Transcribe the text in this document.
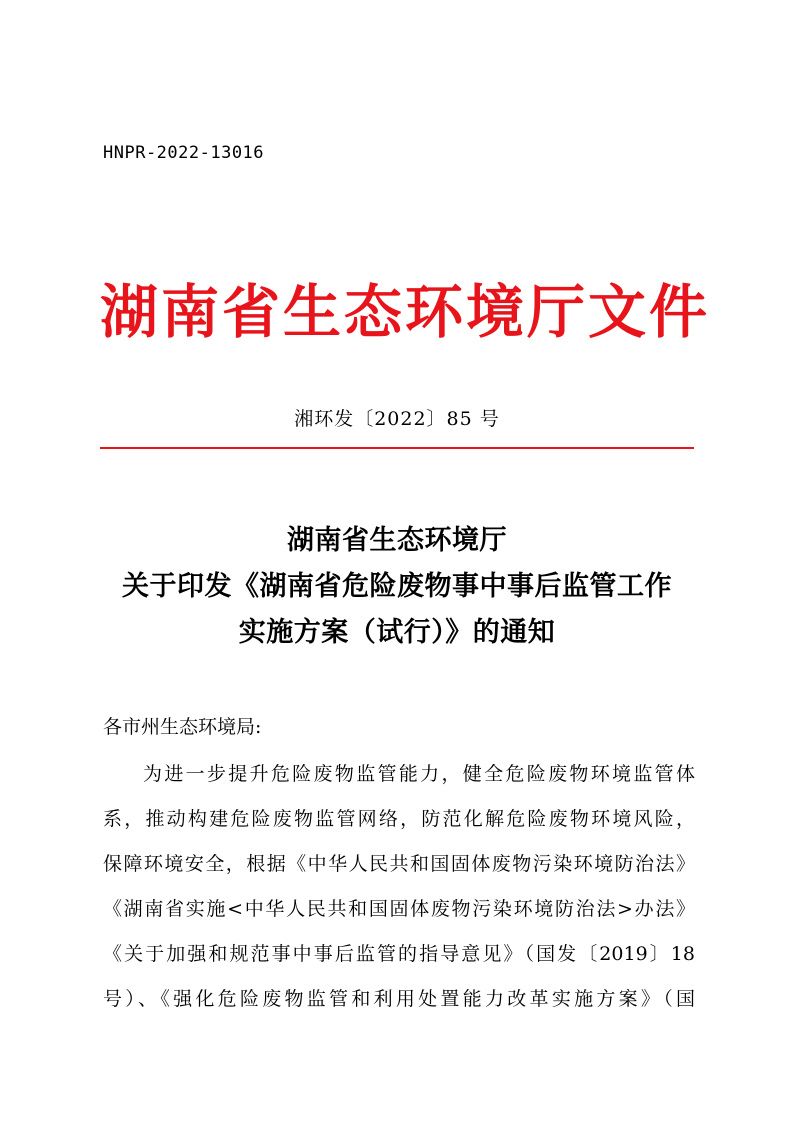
HNPR-2022-13016
湖南省生态环境厅文件
湘环发〔2022〕85 号
湖南省生态环境厅
关于印发《湖南省危险废物事中事后监管工作
实施方案（试行）》的通知
各市州生态环境局:
为进一步提升危险废物监管能力，健全危险废物环境监管体
系，推动构建危险废物监管网络，防范化解危险废物环境风险，
保障环境安全，根据《中华人民共和国固体废物污染环境防治法》
《湖南省实施<中华人民共和国固体废物污染环境防治法>办法》
《关于加强和规范事中事后监管的指导意见》（国发〔2019〕18
号）、《强化危险废物监管和利用处置能力改革实施方案》（国
